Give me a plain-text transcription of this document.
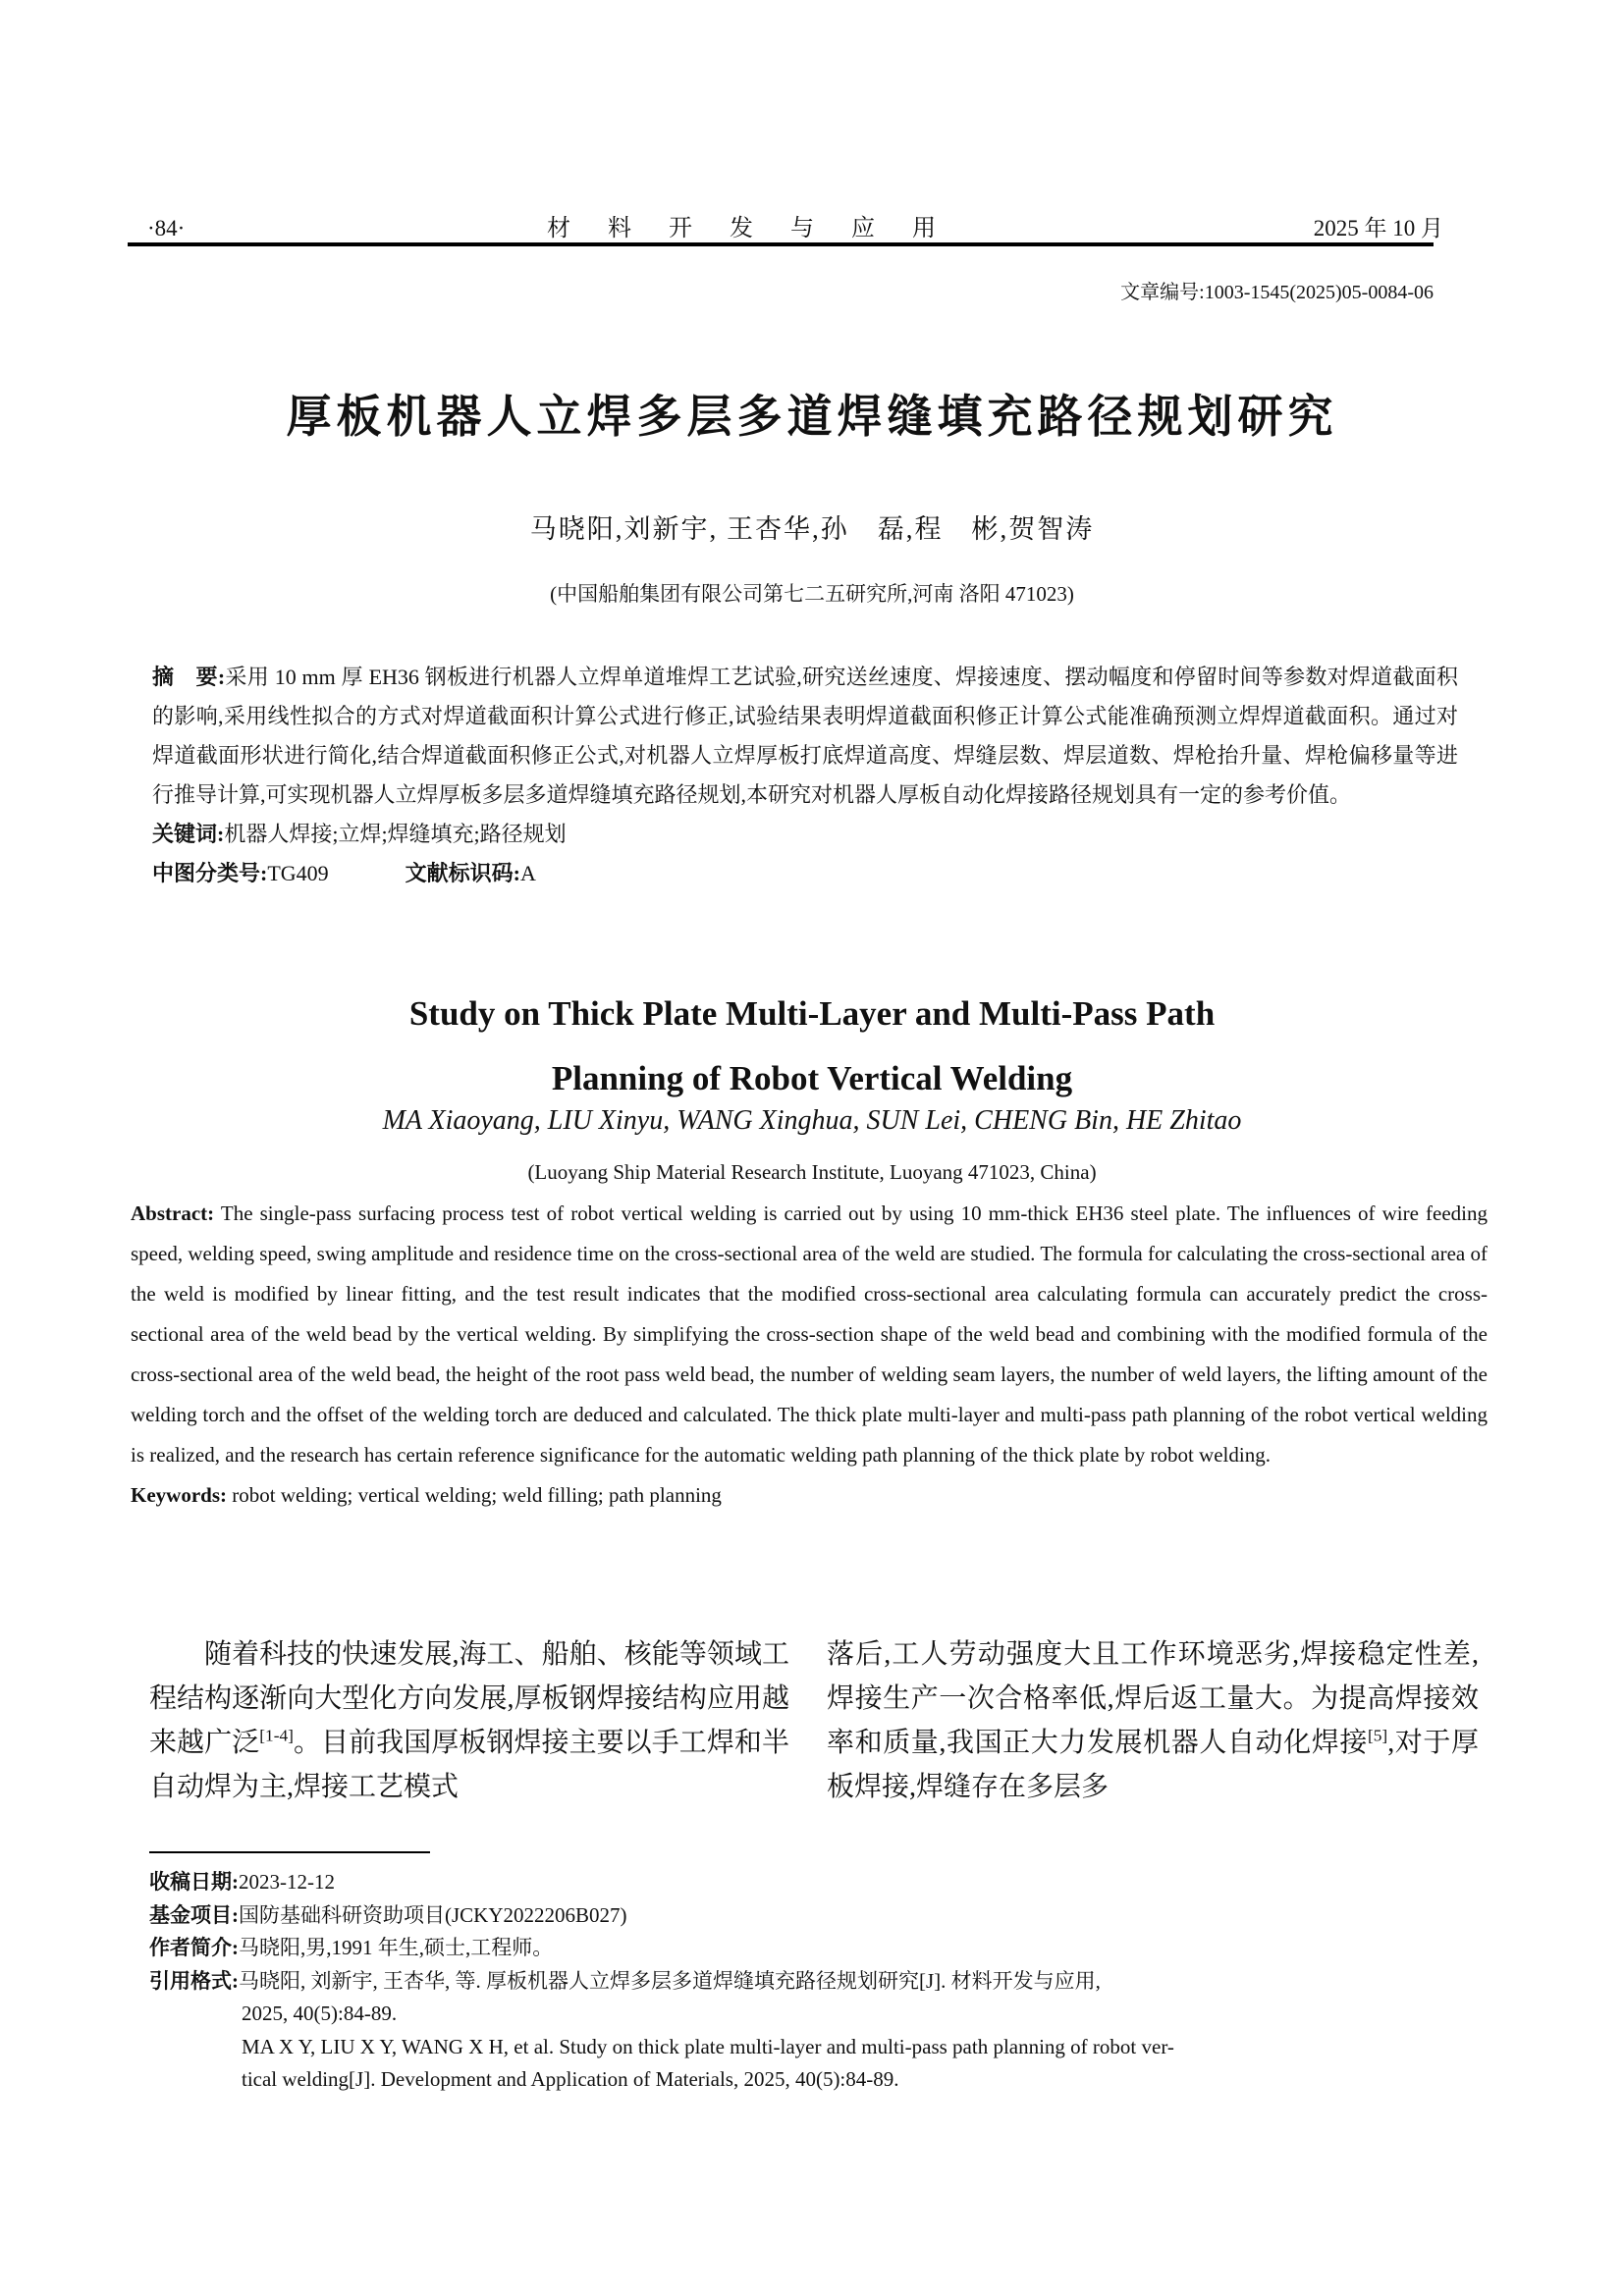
·84·	材 料 开 发 与 应 用	2025 年 10 月
文章编号:1003-1545(2025)05-0084-06
厚板机器人立焊多层多道焊缝填充路径规划研究
马晓阳,刘新宇, 王杏华,孙　磊,程　彬,贺智涛
(中国船舶集团有限公司第七二五研究所,河南 洛阳 471023)

摘　要:采用 10 mm 厚 EH36 钢板进行机器人立焊单道堆焊工艺试验,研究送丝速度、焊接速度、摆动幅度和停留时间等参数对焊道截面积的影响,采用线性拟合的方式对焊道截面积计算公式进行修正,试验结果表明焊道截面积修正计算公式能准确预测立焊焊道截面积。通过对焊道截面形状进行简化,结合焊道截面积修正公式,对机器人立焊厚板打底焊道高度、焊缝层数、焊层道数、焊枪抬升量、焊枪偏移量等进行推导计算,可实现机器人立焊厚板多层多道焊缝填充路径规划,本研究对机器人厚板自动化焊接路径规划具有一定的参考价值。

关键词:机器人焊接;立焊;焊缝填充;路径规划

中图分类号:TG409	文献标识码:A

Study on Thick Plate Multi-Layer and Multi-Pass Path
Planning of Robot Vertical Welding
MA Xiaoyang, LIU Xinyu, WANG Xinghua, SUN Lei, CHENG Bin, HE Zhitao
(Luoyang Ship Material Research Institute, Luoyang 471023, China)

Abstract: The single-pass surfacing process test of robot vertical welding is carried out by using 10 mm-thick EH36 steel plate. The influences of wire feeding speed, welding speed, swing amplitude and residence time on the cross-sectional area of the weld are studied. The formula for calculating the cross-sectional area of the weld is modified by linear fitting, and the test result indicates that the modified cross-sectional area calculating formula can accurately predict the cross-sectional area of the weld bead by the vertical welding. By simplifying the cross-section shape of the weld bead and combining with the modified formula of the cross-sectional area of the weld bead, the height of the root pass weld bead, the number of welding seam layers, the number of weld layers, the lifting amount of the welding torch and the offset of the welding torch are deduced and calculated. The thick plate multi-layer and multi-pass path planning of the robot vertical welding is realized, and the research has certain reference significance for the automatic welding path planning of the thick plate by robot welding.

Keywords: robot welding; vertical welding; weld filling; path planning

随着科技的快速发展,海工、船舶、核能等领域工程结构逐渐向大型化方向发展,厚板钢焊接结构应用越来越广泛[1-4]。目前我国厚板钢焊接主要以手工焊和半自动焊为主,焊接工艺模式
落后,工人劳动强度大且工作环境恶劣,焊接稳定性差,焊接生产一次合格率低,焊后返工量大。为提高焊接效率和质量,我国正大力发展机器人自动化焊接[5],对于厚板焊接,焊缝存在多层多
收稿日期:2023-12-12
基金项目:国防基础科研资助项目(JCKY2022206B027)
作者简介:马晓阳,男,1991 年生,硕士,工程师。
引用格式:马晓阳, 刘新宇, 王杏华, 等. 厚板机器人立焊多层多道焊缝填充路径规划研究[J]. 材料开发与应用,
2025, 40(5):84-89.
MA X Y, LIU X Y, WANG X H, et al. Study on thick plate multi-layer and multi-pass path planning of robot ver-
tical welding[J]. Development and Application of Materials, 2025, 40(5):84-89.
